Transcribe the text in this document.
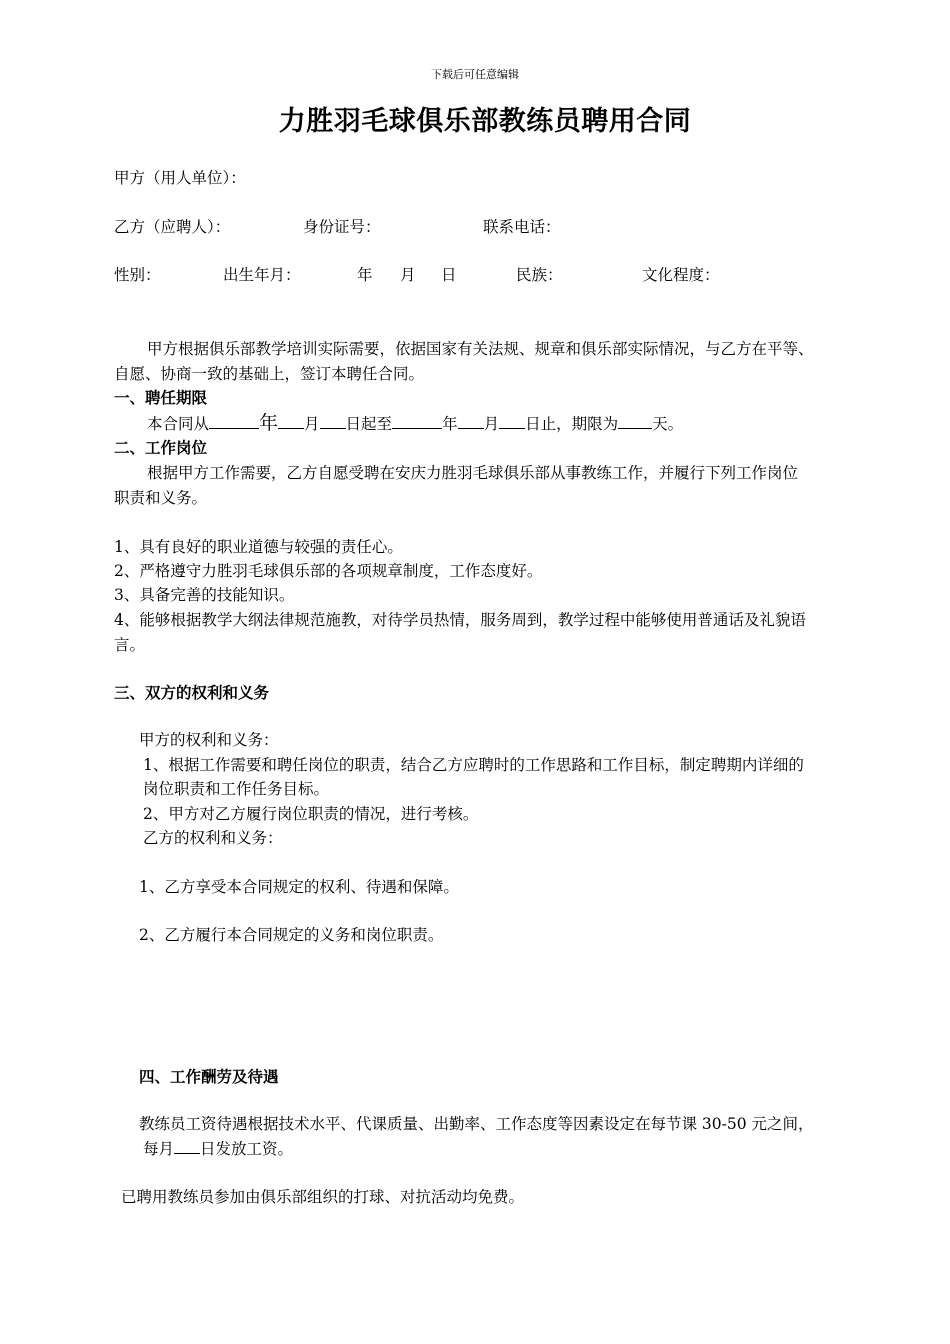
下载后可任意编辑
力胜羽毛球俱乐部教练员聘用合同
甲方（用人单位）：
乙方（应聘人）：	身份证号：	联系电话：
性别：	出生年月：	年 月 日	民族：	文化程度：
甲方根据俱乐部教学培训实际需要，依据国家有关法规、规章和俱乐部实际情况，与乙方在平等、
自愿、协商一致的基础上，签订本聘任合同。
一、聘任期限
本合同从	年 月 日起至	年 月 日止，期限为 天。
二、工作岗位
根据甲方工作需要，乙方自愿受聘在安庆力胜羽毛球俱乐部从事教练工作，并履行下列工作岗位
职责和义务。
1、具有良好的职业道德与较强的责任心。
2、严格遵守力胜羽毛球俱乐部的各项规章制度，工作态度好。
3、具备完善的技能知识。
4、能够根据教学大纲法律规范施教，对待学员热情，服务周到，教学过程中能够使用普通话及礼貌语
言。
三、双方的权利和义务
甲方的权利和义务：
1、根据工作需要和聘任岗位的职责，结合乙方应聘时的工作思路和工作目标，制定聘期内详细的
岗位职责和工作任务目标。
2、甲方对乙方履行岗位职责的情况，进行考核。
乙方的权利和义务：
1、乙方享受本合同规定的权利、待遇和保障。
2、乙方履行本合同规定的义务和岗位职责。
四、工作酬劳及待遇
教练员工资待遇根据技术水平、代课质量、出勤率、工作态度等因素设定在每节课 30-50 元之间，
每月 日发放工资。
已聘用教练员参加由俱乐部组织的打球、对抗活动均免费。
